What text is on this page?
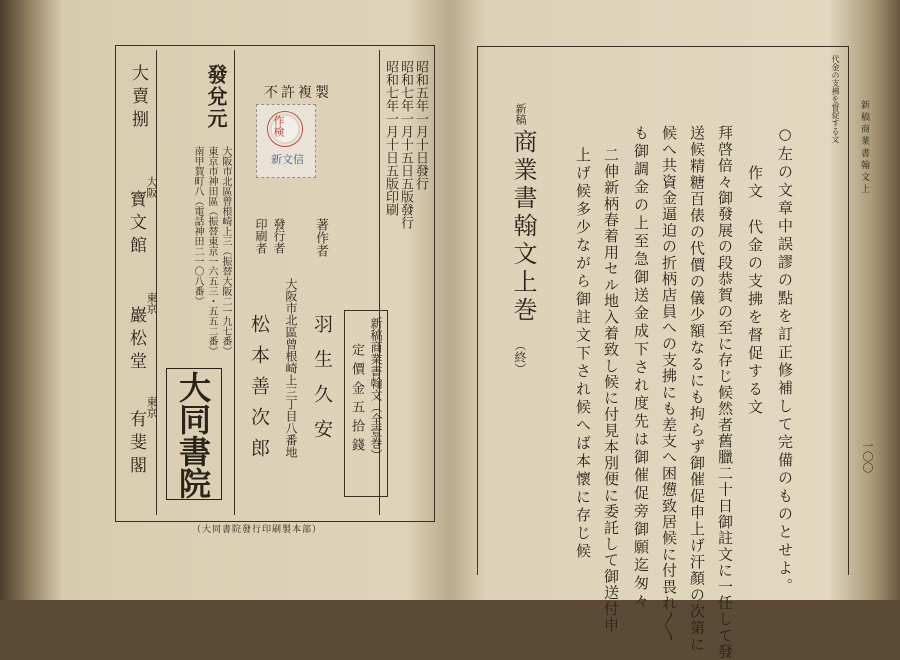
昭和五年一月十日發行
昭和七年一月十五日五版發行
昭和七年一月十日五版印刷
不許複製
作検
新文信
著作者
羽生久安
發行者
印刷者
大阪市北區曾根崎上三丁目八番地
松本善次郎	新稿商業書翰文（全壹巻）
定價金五拾錢
發兌元
大阪市北區曾根崎上三（振替大阪二一九七番）
東京市神田區（振替東京一六五三・五五二番）
南甲賀町八（電話神田二一〇八番）
大同書院
大賣捌
大阪
寶文館
東京
巖松堂
東京
有斐閣
（大同書院發行印刷製本部）
代金の支拂を督促する文
新稿
商業書翰文上巻
（終）	○左の文章中誤謬の點を訂正修補して完備のものとせよ。
作文　代金の支拂を督促する文
拜啓倍々御發展の段恭賀の至に存じ候然者舊臘二十日御註文に一任して發
送候精糖百俵の代價の儀少額なるにも拘らず御催促申上げ汗顏の次第に
候へ共資金逼迫の折柄店員への支拂にも差支へ困憊致居候に付畏れ〳〵
も御調金の上至急御送金成下され度先は御催促旁御願迄匆々
二伸新柄春着用セル地入着致し候に付見本別便に委託して御送付申
上げ候多少ながら御註文下され候へば本懷に存じ候	新稿商業書翰文上
一〇〇
